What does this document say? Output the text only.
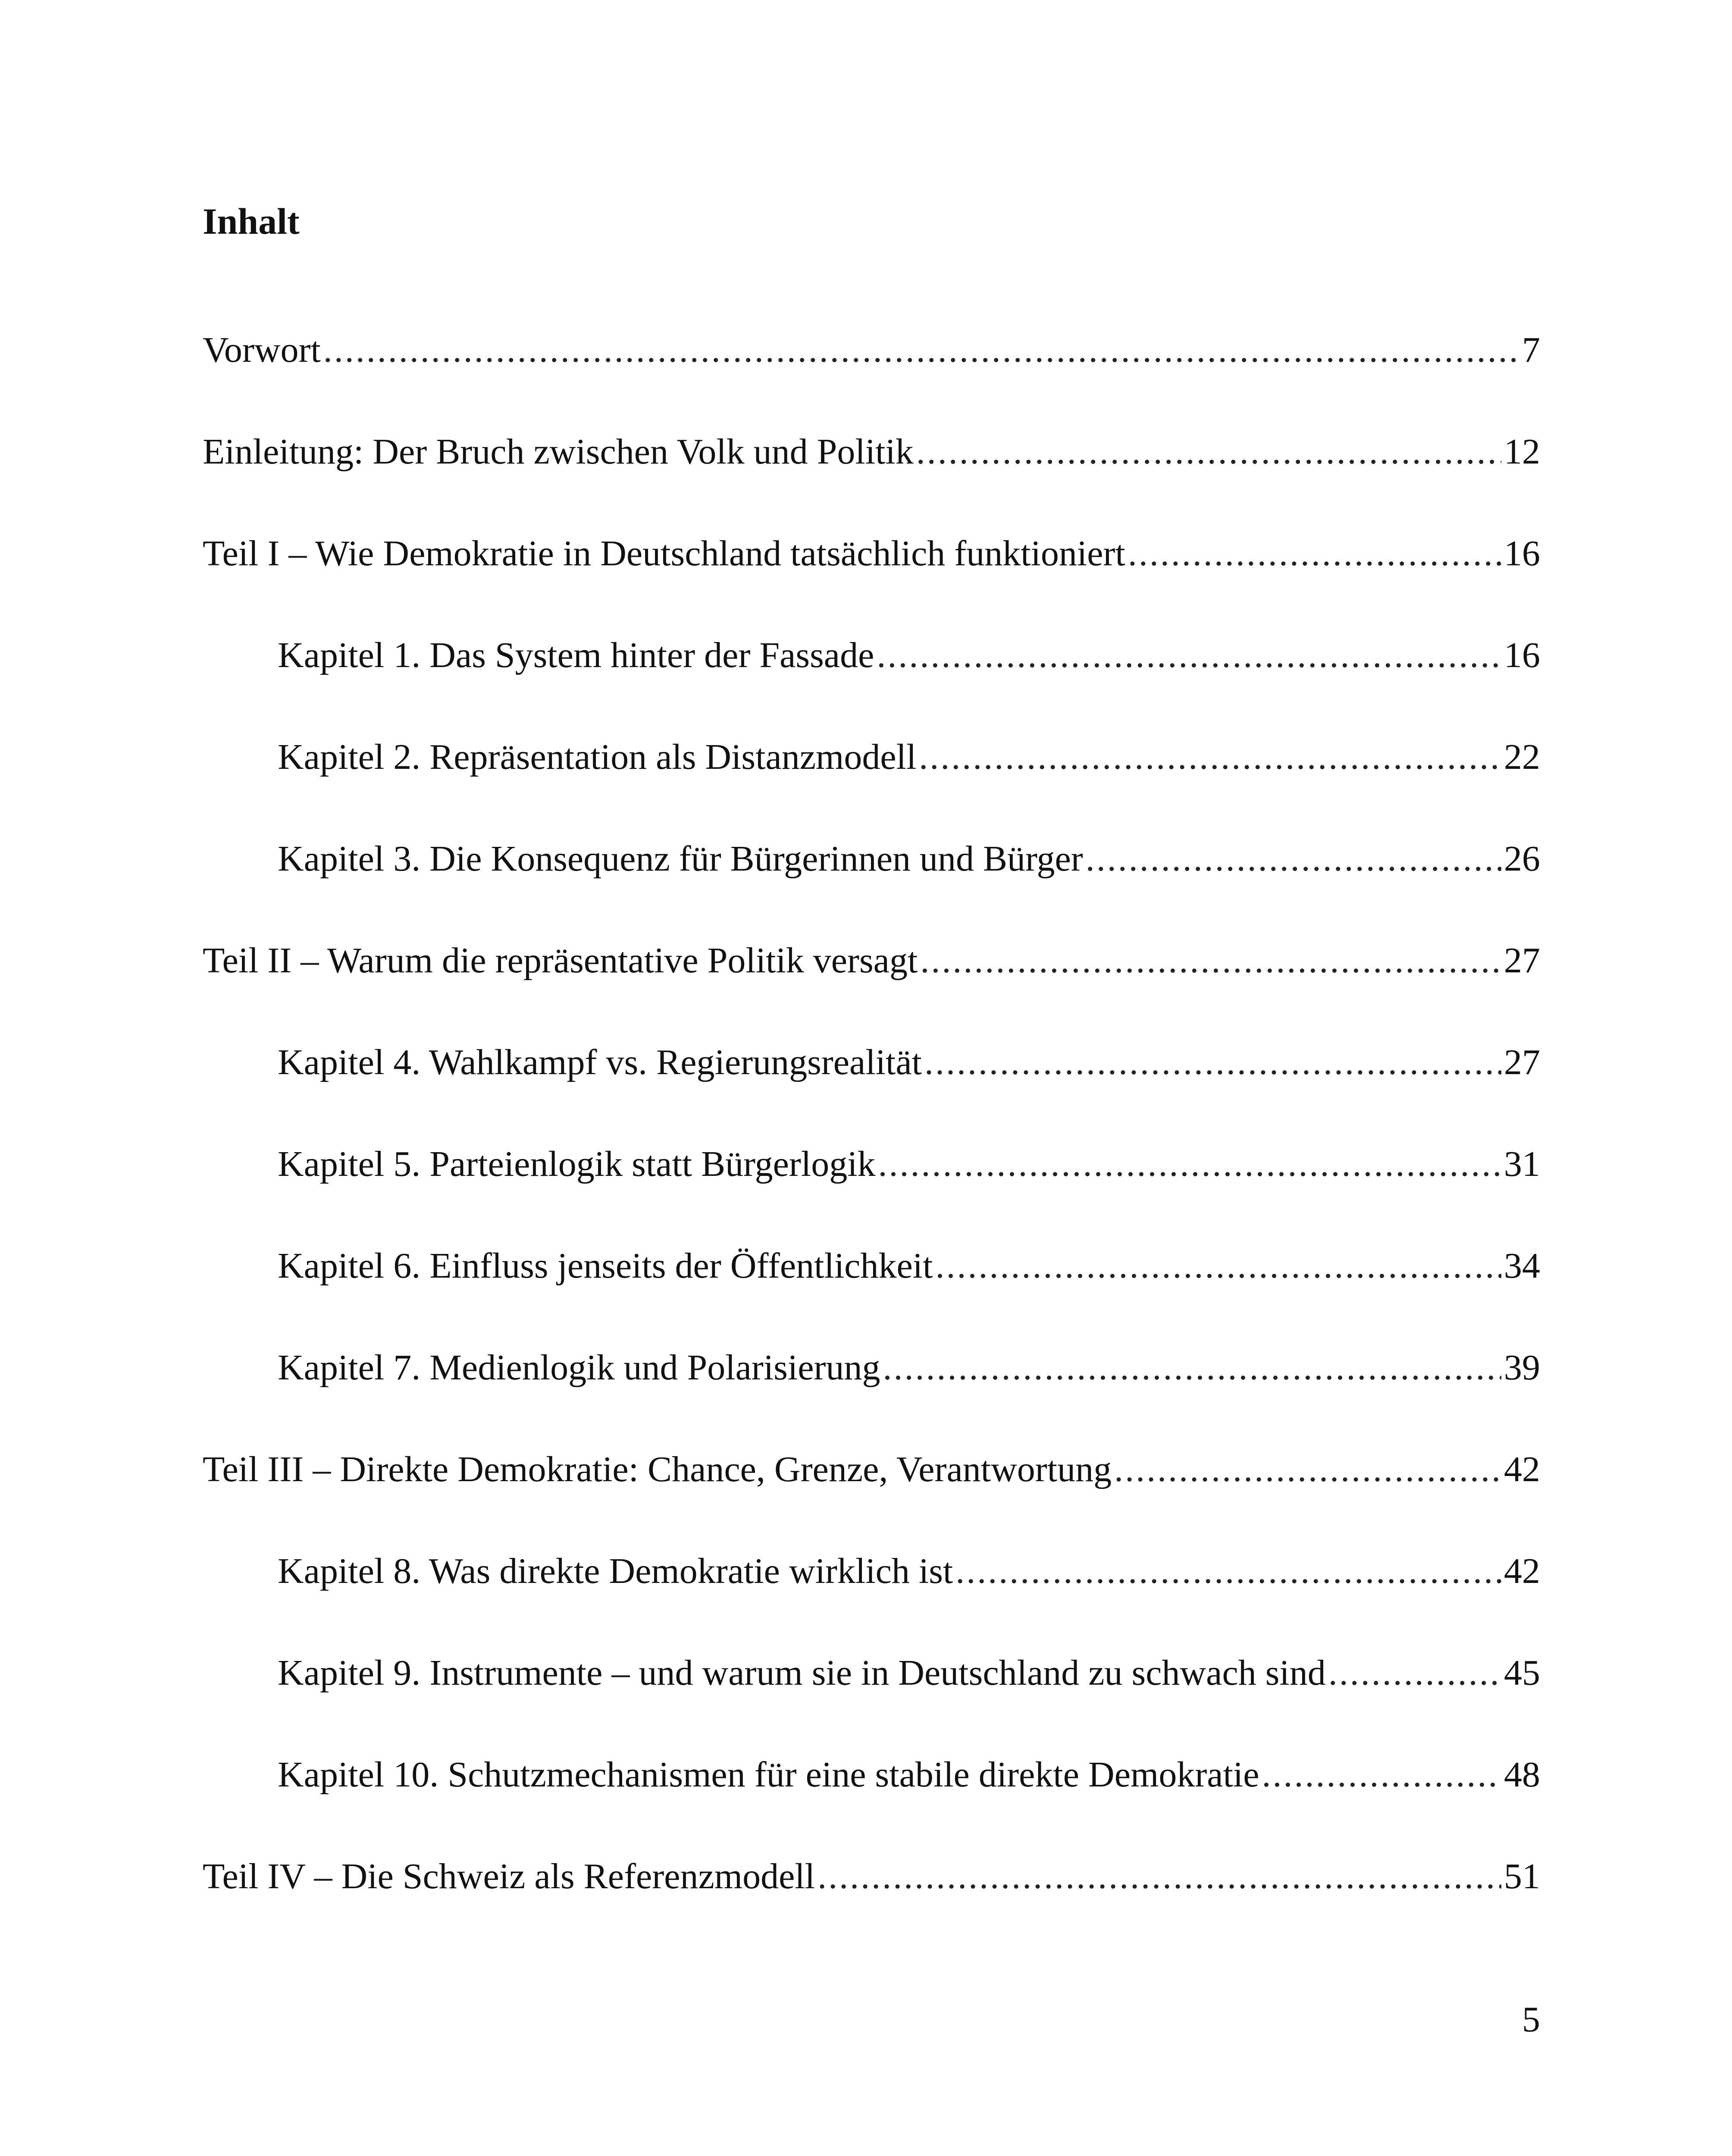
Inhalt
Vorwort .....	7
Einleitung: Der Bruch zwischen Volk und Politik .....	12
Teil I – Wie Demokratie in Deutschland tatsächlich funktioniert .....	16
Kapitel 1. Das System hinter der Fassade .....	16
Kapitel 2. Repräsentation als Distanzmodell .....	22
Kapitel 3. Die Konsequenz für Bürgerinnen und Bürger .....	26
Teil II – Warum die repräsentative Politik versagt .....	27
Kapitel 4. Wahlkampf vs. Regierungsrealität .....	27
Kapitel 5. Parteienlogik statt Bürgerlogik .....	31
Kapitel 6. Einfluss jenseits der Öffentlichkeit .....	34
Kapitel 7. Medienlogik und Polarisierung .....	39
Teil III – Direkte Demokratie: Chance, Grenze, Verantwortung .....	42
Kapitel 8. Was direkte Demokratie wirklich ist .....	42
Kapitel 9. Instrumente – und warum sie in Deutschland zu schwach sind .....	45
Kapitel 10. Schutzmechanismen für eine stabile direkte Demokratie .....	48
Teil IV – Die Schweiz als Referenzmodell .....	51

5
